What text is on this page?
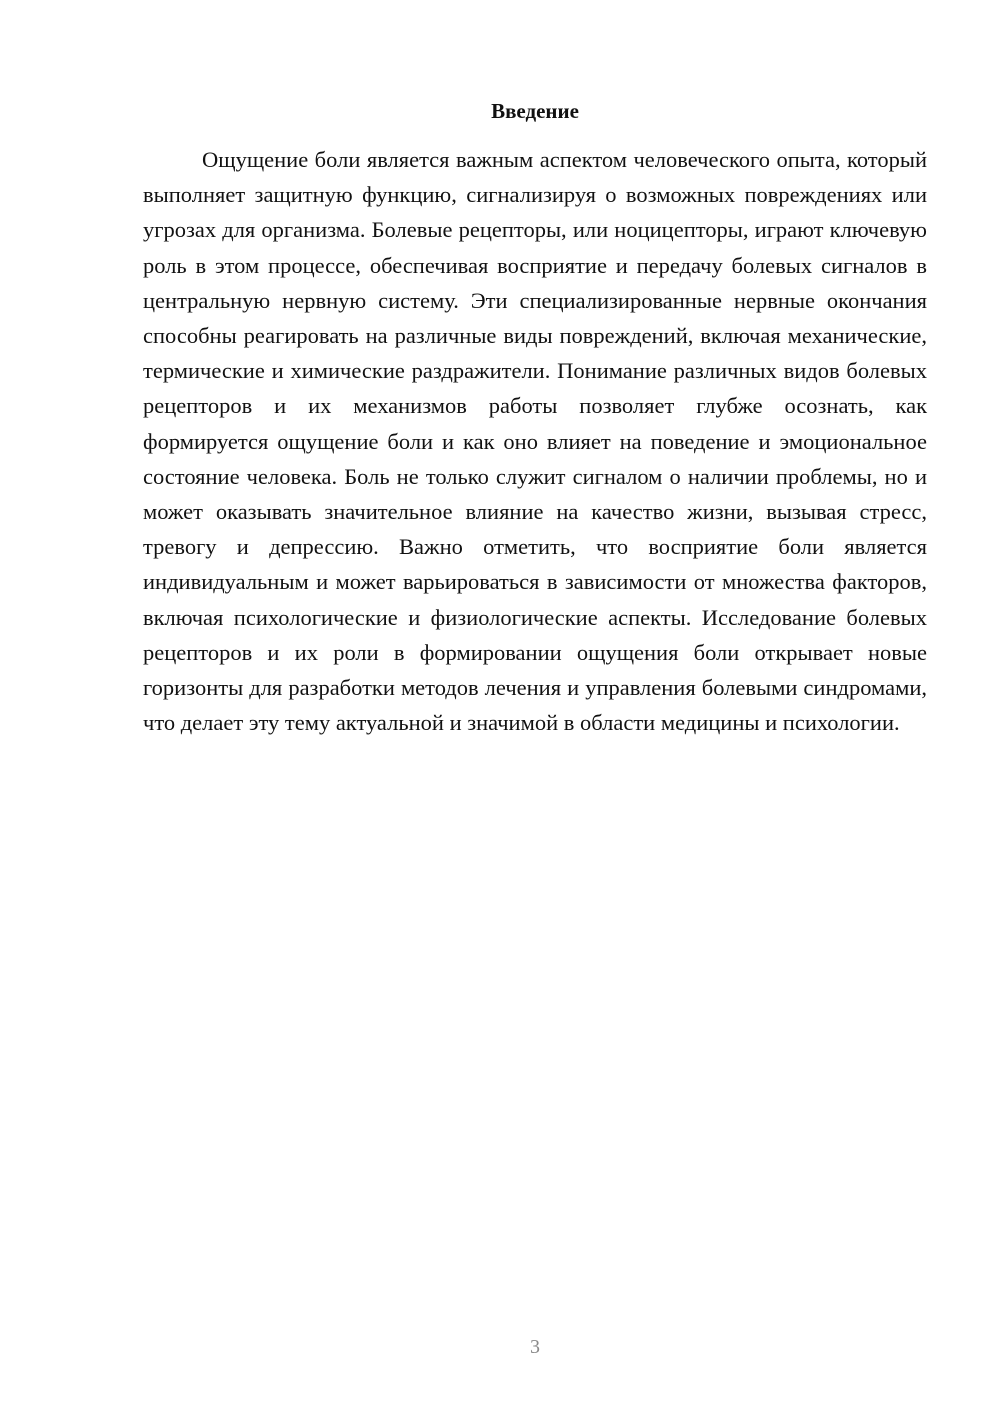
Введение

Ощущение боли является важным аспектом человеческого опыта, который выполняет защитную функцию, сигнализируя о возможных повреждениях или угрозах для организма. Болевые рецепторы, или ноцицепторы, играют ключевую роль в этом процессе, обеспечивая восприятие и передачу болевых сигналов в центральную нервную систему. Эти специализированные нервные окончания способны реагировать на различные виды повреждений, включая механические, термические и химические раздражители. Понимание различных видов болевых рецепторов и их механизмов работы позволяет глубже осознать, как формируется ощущение боли и как оно влияет на поведение и эмоциональное состояние человека. Боль не только служит сигналом о наличии проблемы, но и может оказывать значительное влияние на качество жизни, вызывая стресс, тревогу и депрессию. Важно отметить, что восприятие боли является индивидуальным и может варьироваться в зависимости от множества факторов, включая психологические и физиологические аспекты. Исследование болевых рецепторов и их роли в формировании ощущения боли открывает новые горизонты для разработки методов лечения и управления болевыми синдромами, что делает эту тему актуальной и значимой в области медицины и психологии.

3
